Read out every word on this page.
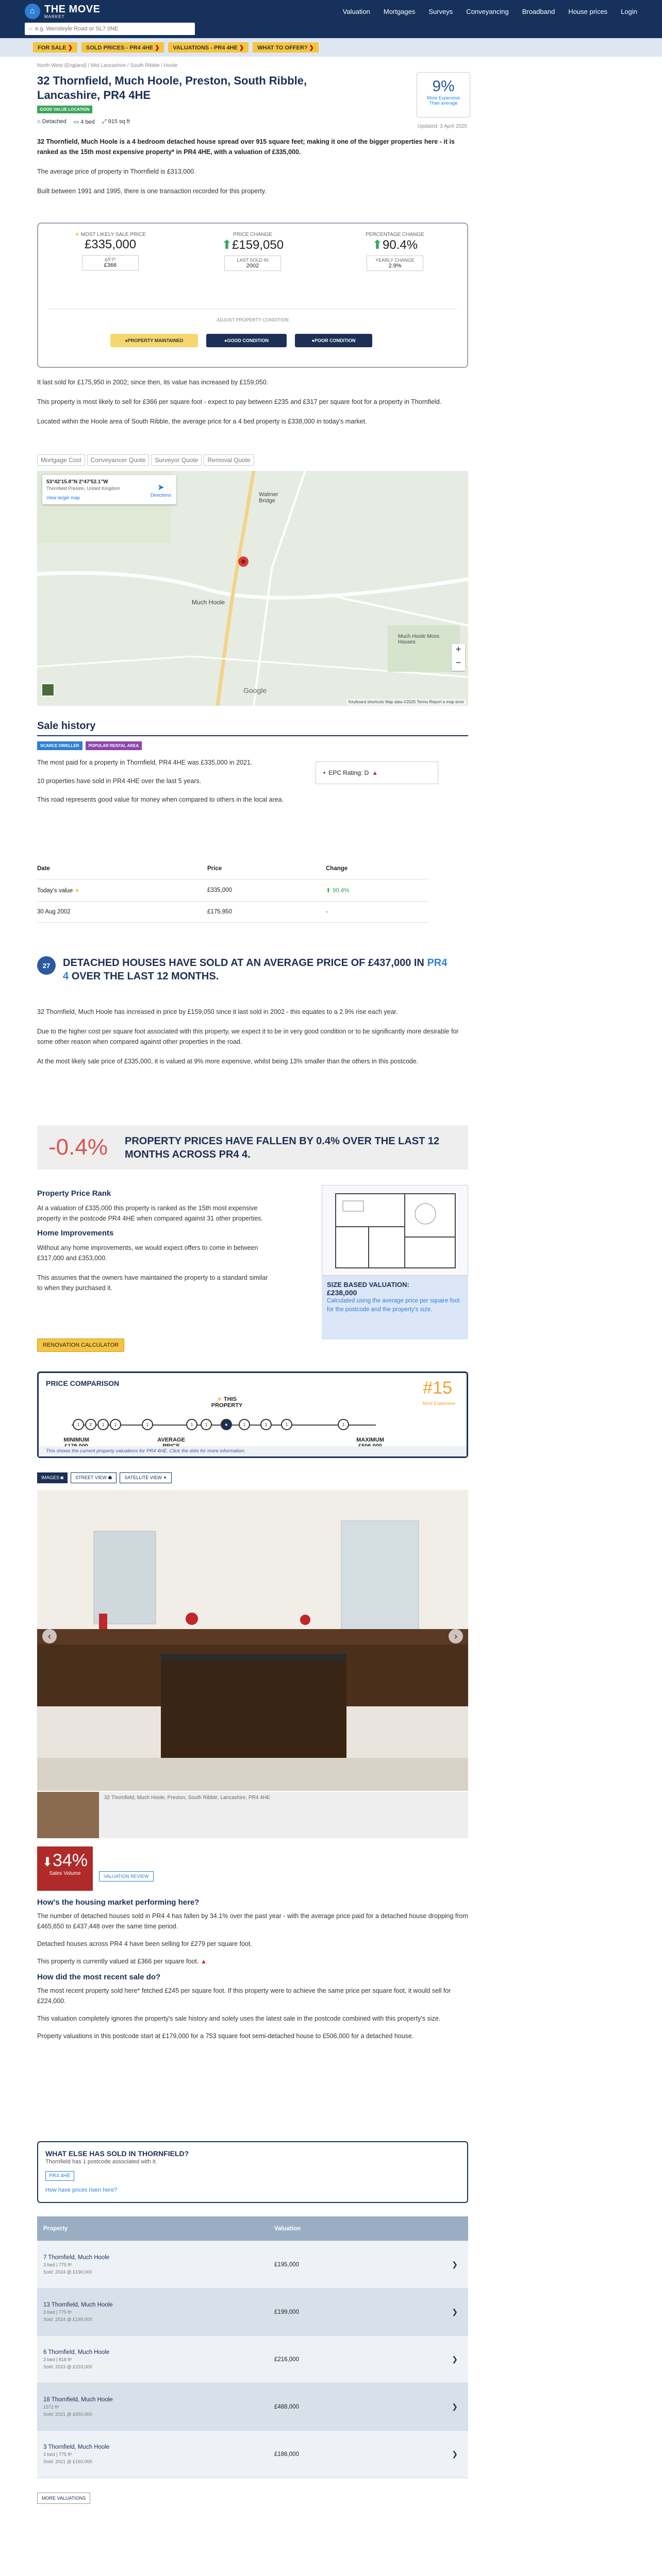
⌂ THE MOVE
MARKET
Valuation Mortgages Surveys Conveyancing Broadband House prices Login
⌕
e.g. Wensleyle Road or SL7 0NE
FOR SALE ❯	SOLD PRICES - PR4 4HE ❯	VALUATIONS - PR4 4HE ❯	WHAT TO OFFER? ❯
North West (England) / Mid Lancashire / South Ribble / Hoole
32 Thornfield, Much Hoole, Preston, South Ribble, Lancashire, PR4 4HE
GOOD VALUE LOCATION
⌂ Detached ▭ 4 bed ⤢ 915 sq ft
9%
More Expensive
Than average
Updated: 3 April 2025

32 Thornfield, Much Hoole is a 4 bedroom detached house spread over 915 square feet; making it one of the bigger properties here - it is ranked as the 15th most expensive property* in PR4 4HE, with a valuation of £335,000.

The average price of property in Thornfield is £313,000.

Built between 1991 and 1995, there is one transaction recorded for this property.

★ MOST LIKELY SALE PRICE
£335,000
£/FT²
£366
PRICE CHANGE
⬆£159,050
LAST SOLD IN
2002
PERCENTAGE CHANGE
⬆90.4%
YEARLY CHANGE
2.9%
ADJUST PROPERTY CONDITION
● PROPERTY MAINTAINED	● GOOD CONDITION	● POOR CONDITION

It last sold for £175,950 in 2002; since then, its value has increased by £159,050.

This property is most likely to sell for £366 per square foot - expect to pay between £235 and £317 per square foot for a property in Thornfield.

Located within the Hoole area of South Ribble, the average price for a 4 bed property is £338,000 in today's market.

Mortgage Cost	Conveyancer Quote	Surveyor Quote	Removal Quote
53°42'15.8"N 2°47'52.1"W
Thornfield Preston, United Kingdom
View larger map
➤
Directions	Walmer Bridge
Much Hoole
Much Hoole Moss Houses
Google
+
−
Keyboard shortcuts Map data ©2025 Terms Report a map error
Sale history
SCARCE DWELLER	POPULAR RENTAL AREA

The most paid for a property in Thornfield, PR4 4HE was £335,000 in 2021.

10 properties have sold in PR4 4HE over the last 5 years.

This road represents good value for money when compared to others in the local area.

• EPC Rating: D ▲
Date	Price	Change
Today's value ★	£335,000	⬆ 90.4%
30 Aug 2002	£175,950	-
27	DETACHED HOUSES HAVE SOLD AT AN AVERAGE PRICE OF £437,000 IN PR4 4 OVER THE LAST 12 MONTHS.

32 Thornfield, Much Hoole has increased in price by £159,050 since it last sold in 2002 - this equates to a 2.9% rise each year.

Due to the higher cost per square foot associated with this property, we expect it to be in very good condition or to be significantly more desirable for some other reason when compared against other properties in the road.

At the most likely sale price of £335,000, it is valued at 9% more expensive, whilst being 13% smaller than the others in this postcode.

-0.4% PROPERTY PRICES HAVE FALLEN BY 0.4% OVER THE LAST 12 MONTHS ACROSS PR4 4.
Property Price Rank

At a valuation of £335,000 this property is ranked as the 15th most expensive property in the postcode PR4 4HE when compared against 31 other properties.

Home Improvements

Without any home improvements, we would expect offers to come in between £317,000 and £353,000.

This assumes that the owners have maintained the property to a standard similar to when they purchased it.

RENOVATION CALCULATOR
SIZE BASED VALUATION:
£238,000

Calculated using the average price per square foot for the postcode and the property's size.

PRICE COMPARISON	#15
Most Expensive
★ THIS PROPERTY
1	2	1	1	1	1	1	★	1	1	1	1
MINIMUM	AVERAGE	MAXIMUM
This shows the current property valuations for PR4 4HE. Click the dots for more information.
IMAGES ◙	STREET VIEW ☗	SATELLITE VIEW ✦
‹	›
32 Thornfield, Much Hoole, Preston, South Ribble, Lancashire, PR4 4HE
⬇34%
Sales Volume	VALUATION REVIEW
How's the housing market performing here?

The number of detached houses sold in PR4 4 has fallen by 34.1% over the past year - with the average price paid for a detached house dropping from £465,650 to £437,448 over the same time period.

Detached houses across PR4 4 have been selling for £279 per square foot.

This property is currently valued at £366 per square foot. ▲

How did the most recent sale do?

The most recent property sold here* fetched £245 per square foot. If this property were to achieve the same price per square foot, it would sell for £224,000.

This valuation completely ignores the property's sale history and solely uses the latest sale in the postcode combined with this property's size.

Property valuations in this postcode start at £179,000 for a 753 square foot semi-detached house to £506,000 for a detached house.

WHAT ELSE HAS SOLD IN THORNFIELD?
Thornfield has 1 postcode associated with it.
PR4 4HE
How have prices risen here?
Property	Valuation
7 Thornfield, Much Hoole
3 bed | 775 ft²
Sold: 2024 @ £190,000
£195,000	❯
13 Thornfield, Much Hoole
3 bed | 775 ft²
Sold: 2024 @ £199,000
£199,000	❯
6 Thornfield, Much Hoole
3 bed | 818 ft²
Sold: 2023 @ £233,000
£216,000	❯
18 Thornfield, Much Hoole
1572 ft²
Sold: 2021 @ £450,000
£488,000	❯
3 Thornfield, Much Hoole
3 bed | 775 ft²
Sold: 2021 @ £160,000
£186,000	❯
MORE VALUATIONS
